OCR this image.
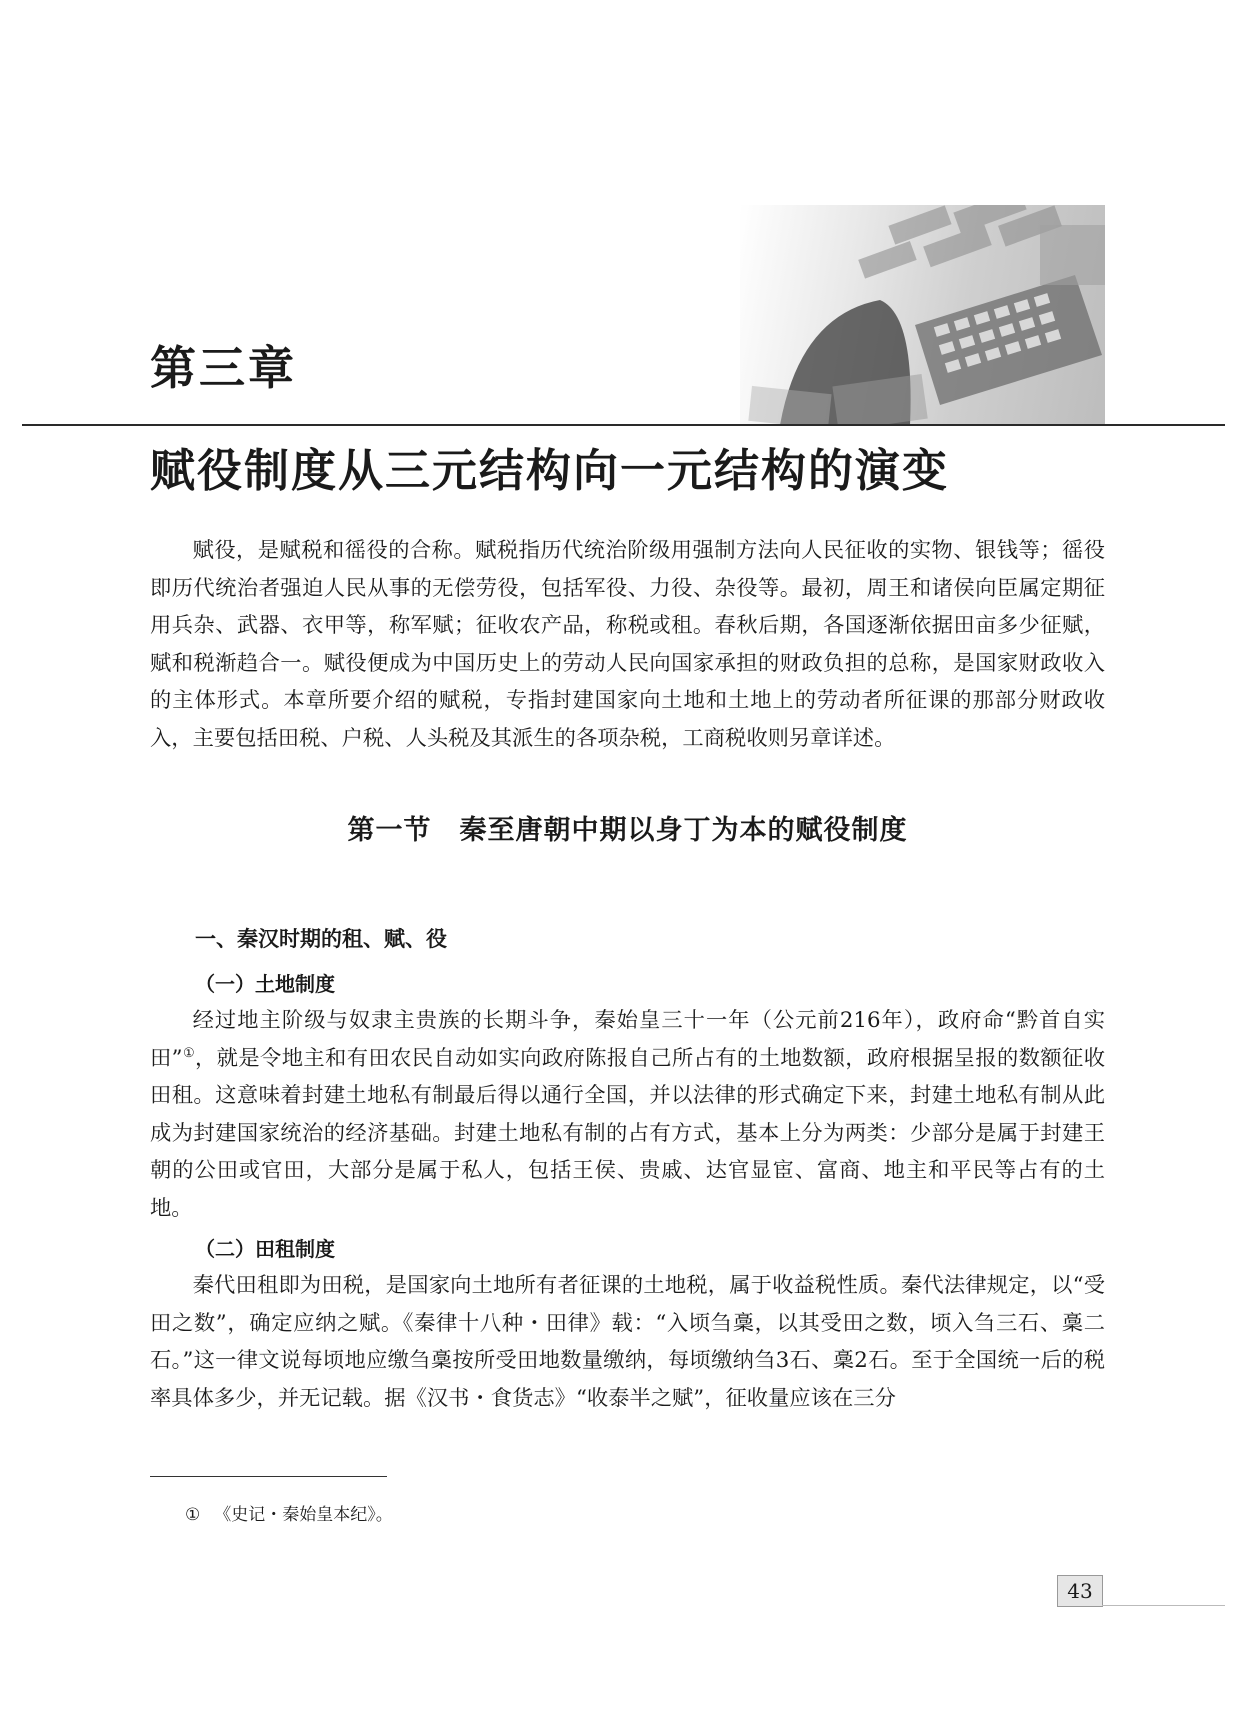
第三章
赋役制度从三元结构向一元结构的演变

赋役，是赋税和徭役的合称。赋税指历代统治阶级用强制方法向人民征收的实物、银钱等；徭役即历代统治者强迫人民从事的无偿劳役，包括军役、力役、杂役等。最初，周王和诸侯向臣属定期征用兵杂、武器、衣甲等，称军赋；征收农产品，称税或租。春秋后期，各国逐渐依据田亩多少征赋，赋和税渐趋合一。赋役便成为中国历史上的劳动人民向国家承担的财政负担的总称，是国家财政收入的主体形式。本章所要介绍的赋税，专指封建国家向土地和土地上的劳动者所征课的那部分财政收入，主要包括田税、户税、人头税及其派生的各项杂税，工商税收则另章详述。

第一节　秦至唐朝中期以身丁为本的赋役制度
一、秦汉时期的租、赋、役
（一）土地制度

经过地主阶级与奴隶主贵族的长期斗争，秦始皇三十一年（公元前216年），政府命“黔首自实田”①，就是令地主和有田农民自动如实向政府陈报自己所占有的土地数额，政府根据呈报的数额征收田租。这意味着封建土地私有制最后得以通行全国，并以法律的形式确定下来，封建土地私有制从此成为封建国家统治的经济基础。封建土地私有制的占有方式，基本上分为两类：少部分是属于封建王朝的公田或官田，大部分是属于私人，包括王侯、贵戚、达官显宦、富商、地主和平民等占有的土地。

（二）田租制度

秦代田租即为田税，是国家向土地所有者征课的土地税，属于收益税性质。秦代法律规定，以“受田之数”，确定应纳之赋。《秦律十八种・田律》载：“入顷刍稾，以其受田之数，顷入刍三石、稾二石。”这一律文说每顷地应缴刍稾按所受田地数量缴纳，每顷缴纳刍3石、稾2石。至于全国统一后的税率具体多少，并无记载。据《汉书・食货志》“收泰半之赋”，征收量应该在三分

① 《史记・秦始皇本纪》。
43
